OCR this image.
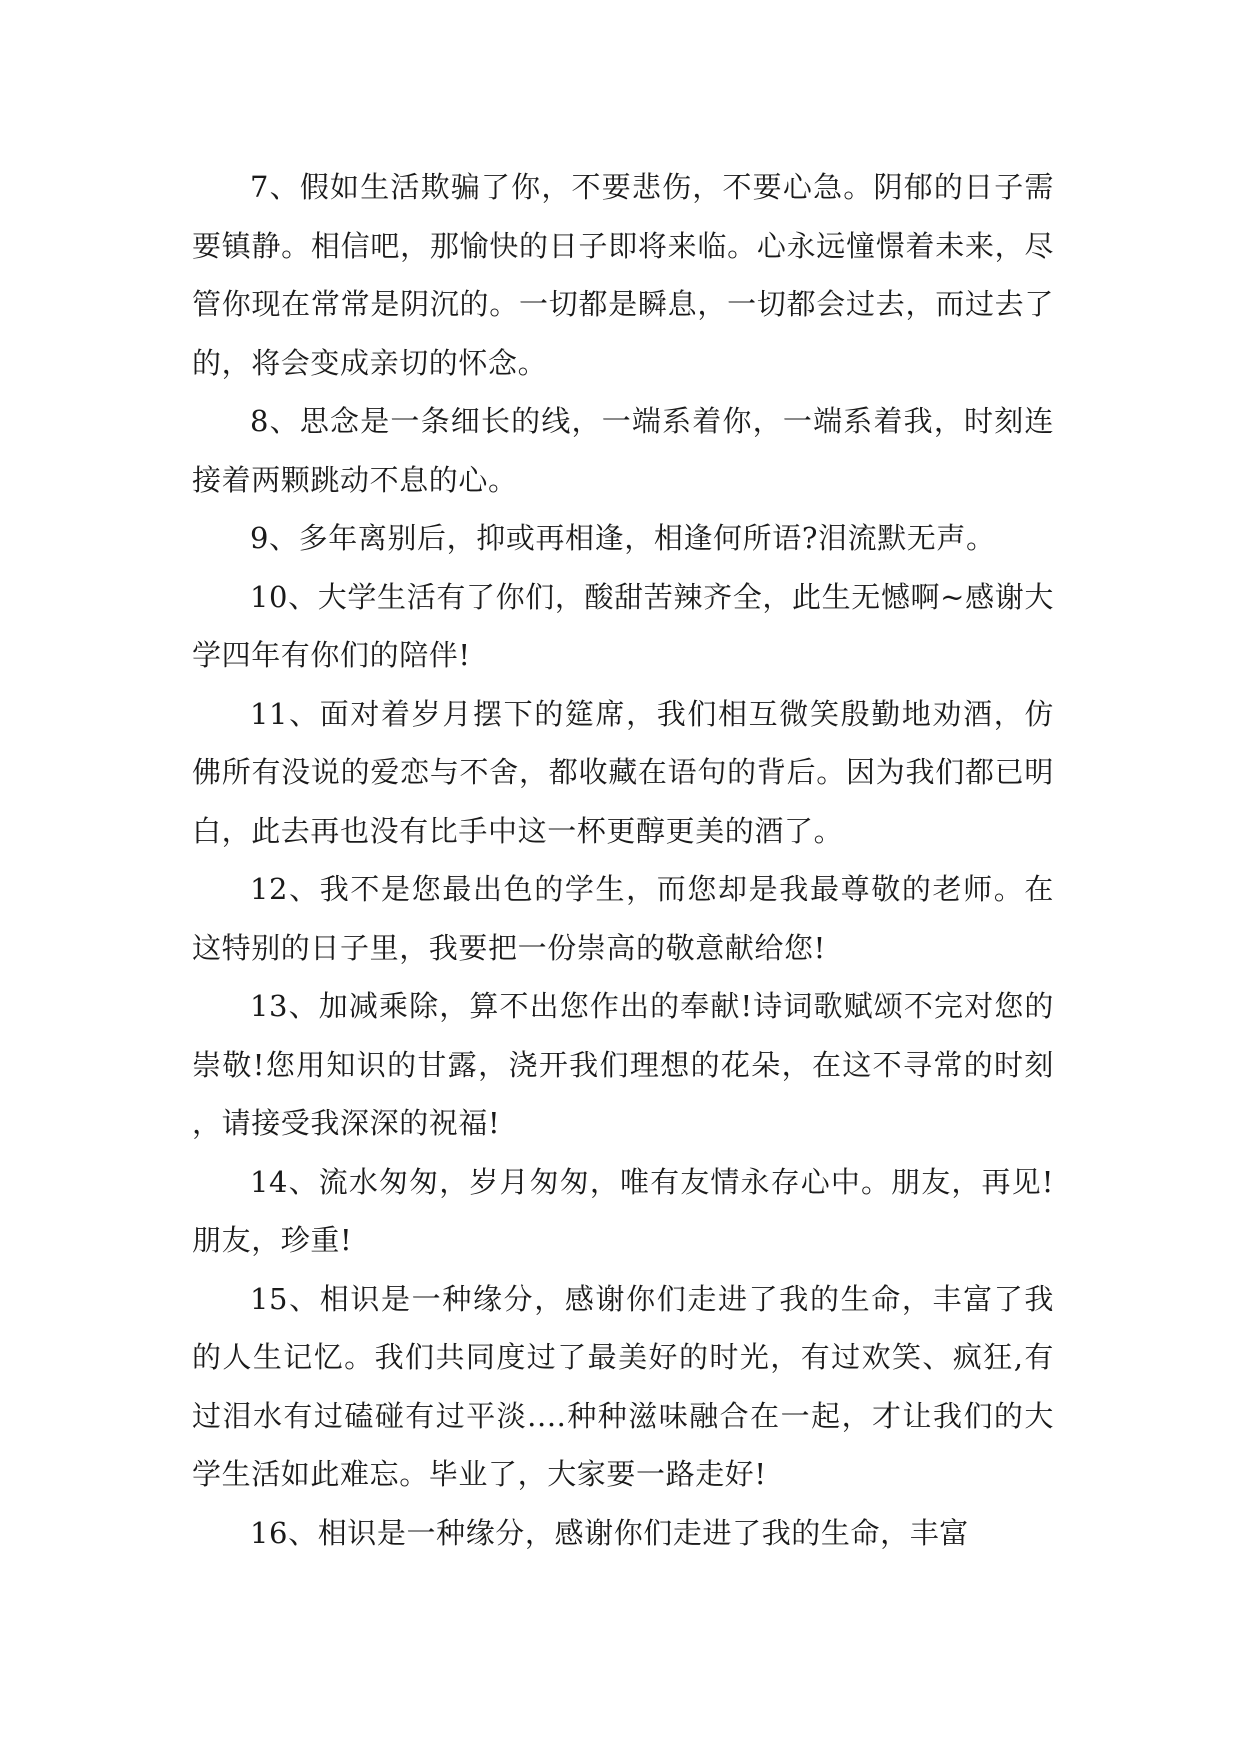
7、假如生活欺骗了你，不要悲伤，不要心急。阴郁的日子需要镇静。相信吧，那愉快的日子即将来临。心永远憧憬着未来，尽管你现在常常是阴沉的。一切都是瞬息，一切都会过去，而过去了的，将会变成亲切的怀念。

8、思念是一条细长的线，一端系着你，一端系着我，时刻连接着两颗跳动不息的心。

9、多年离别后，抑或再相逢，相逢何所语?泪流默无声。

10、大学生活有了你们，酸甜苦辣齐全，此生无憾啊~感谢大学四年有你们的陪伴!

11、面对着岁月摆下的筵席，我们相互微笑殷勤地劝酒，仿佛所有没说的爱恋与不舍，都收藏在语句的背后。因为我们都已明白，此去再也没有比手中这一杯更醇更美的酒了。

12、我不是您最出色的学生，而您却是我最尊敬的老师。在这特别的日子里，我要把一份崇高的敬意献给您!

13、加减乘除，算不出您作出的奉献!诗词歌赋颂不完对您的崇敬!您用知识的甘露，浇开我们理想的花朵，在这不寻常的时刻，请接受我深深的祝福!

14、流水匆匆，岁月匆匆，唯有友情永存心中。朋友，再见!朋友，珍重!

15、相识是一种缘分，感谢你们走进了我的生命，丰富了我的人生记忆。我们共同度过了最美好的时光，有过欢笑、疯狂,有过泪水有过磕碰有过平淡....种种滋味融合在一起，才让我们的大学生活如此难忘。毕业了，大家要一路走好!

16、相识是一种缘分，感谢你们走进了我的生命，丰富
